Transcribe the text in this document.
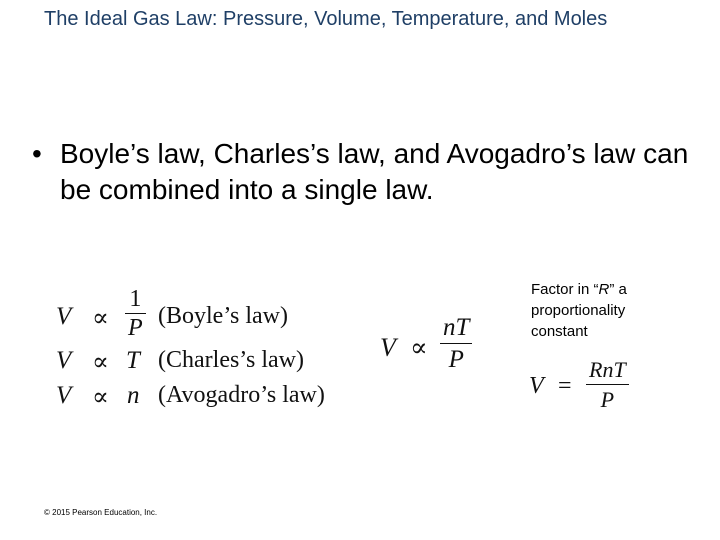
The Ideal Gas Law: Pressure, Volume, Temperature, and Moles
• Boyle’s law, Charles’s law, and Avogadro’s law can be combined into a single law.
$V \propto \frac{1}{P}$ (Boyle’s law)
V ∝ T (Charles’s law)
V ∝ n (Avogadro’s law)
$V \propto \frac{nT}{P}$
Factor in “R” a proportionality constant
V =
RnT
P
© 2015 Pearson Education, Inc.
